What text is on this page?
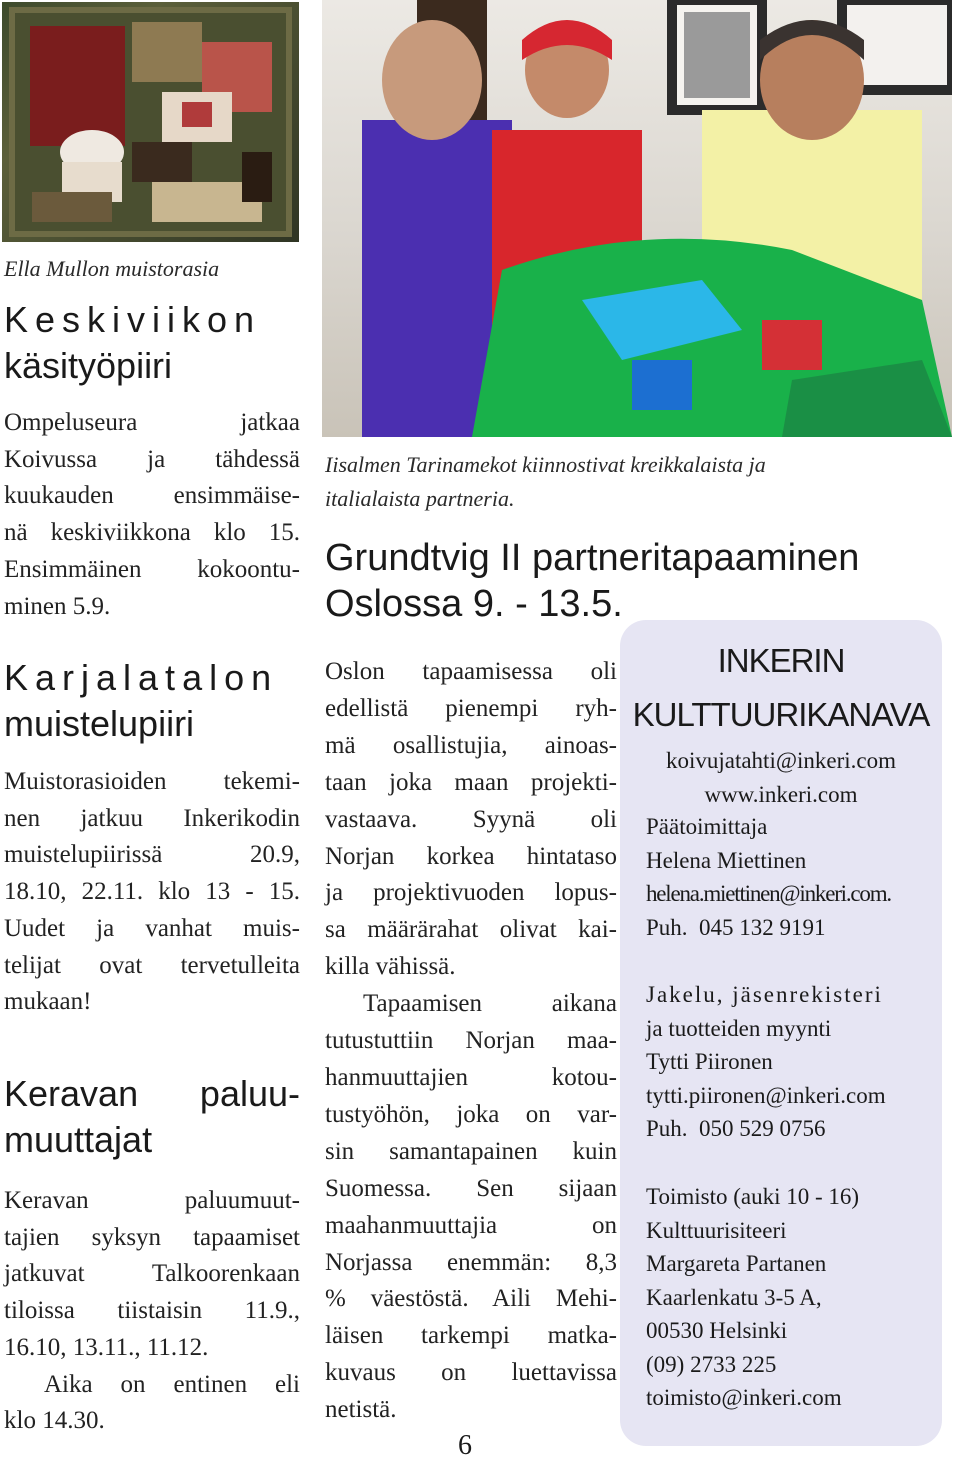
Ella Mullon muistorasia
Iisalmen Tarinamekot kiinnostivat kreikkalaista ja
italialaista partneria.
Keskiviikon
käsityöpiiri
Ompeluseura jatkaa
Koivussa ja tähdessä
kuukauden ensimmäise-
nä keskiviikkona klo 15.
Ensimmäinen kokoontu-
minen 5.9.
Karjalatalon
muistelupiiri
Muistorasioiden tekemi-
nen jatkuu Inkerikodin
muistelupiirissä 20.9,
18.10, 22.11. klo 13 - 15.
Uudet ja vanhat muis-
telijat ovat tervetulleita
mukaan!
Keravan paluu-
muuttajat
Keravan paluumuut-
tajien syksyn tapaamiset
jatkuvat Talkoorenkaan
tiloissa tiistaisin 11.9.,
16.10, 13.11., 11.12.
Aika on entinen eli
klo 14.30.
Grundtvig II partneritapaaminen
Oslossa 9. - 13.5.
Oslon tapaamisessa oli
edellistä pienempi ryh-
mä osallistujia, ainoas-
taan joka maan projekti-
vastaava. Syynä oli
Norjan korkea hintataso
ja projektivuoden lopus-
sa määrärahat olivat kai-
killa vähissä.
Tapaamisen aikana
tutustuttiin Norjan maa-
hanmuuttajien kotou-
tustyöhön, joka on var-
sin samantapainen kuin
Suomessa. Sen sijaan
maahanmuuttajia on
Norjassa enemmän: 8,3
% väestöstä. Aili Mehi-
läisen tarkempi matka-
kuvaus on luettavissa
netistä.
6
INKERIN
KULTTUURIKANAVA
koivujatahti@inkeri.com
www.inkeri.com
Päätoimittaja
Helena Miettinen
helena.miettinen@inkeri.com.
Puh.  045 132 9191
Jakelu, jäsenrekisteri
ja tuotteiden myynti
Tytti Piironen
tytti.piironen@inkeri.com
Puh.  050 529 0756
Toimisto (auki 10 - 16)
Kulttuurisiteeri
Margareta Partanen
Kaarlenkatu 3-5 A,
00530 Helsinki
(09) 2733 225
toimisto@inkeri.com
